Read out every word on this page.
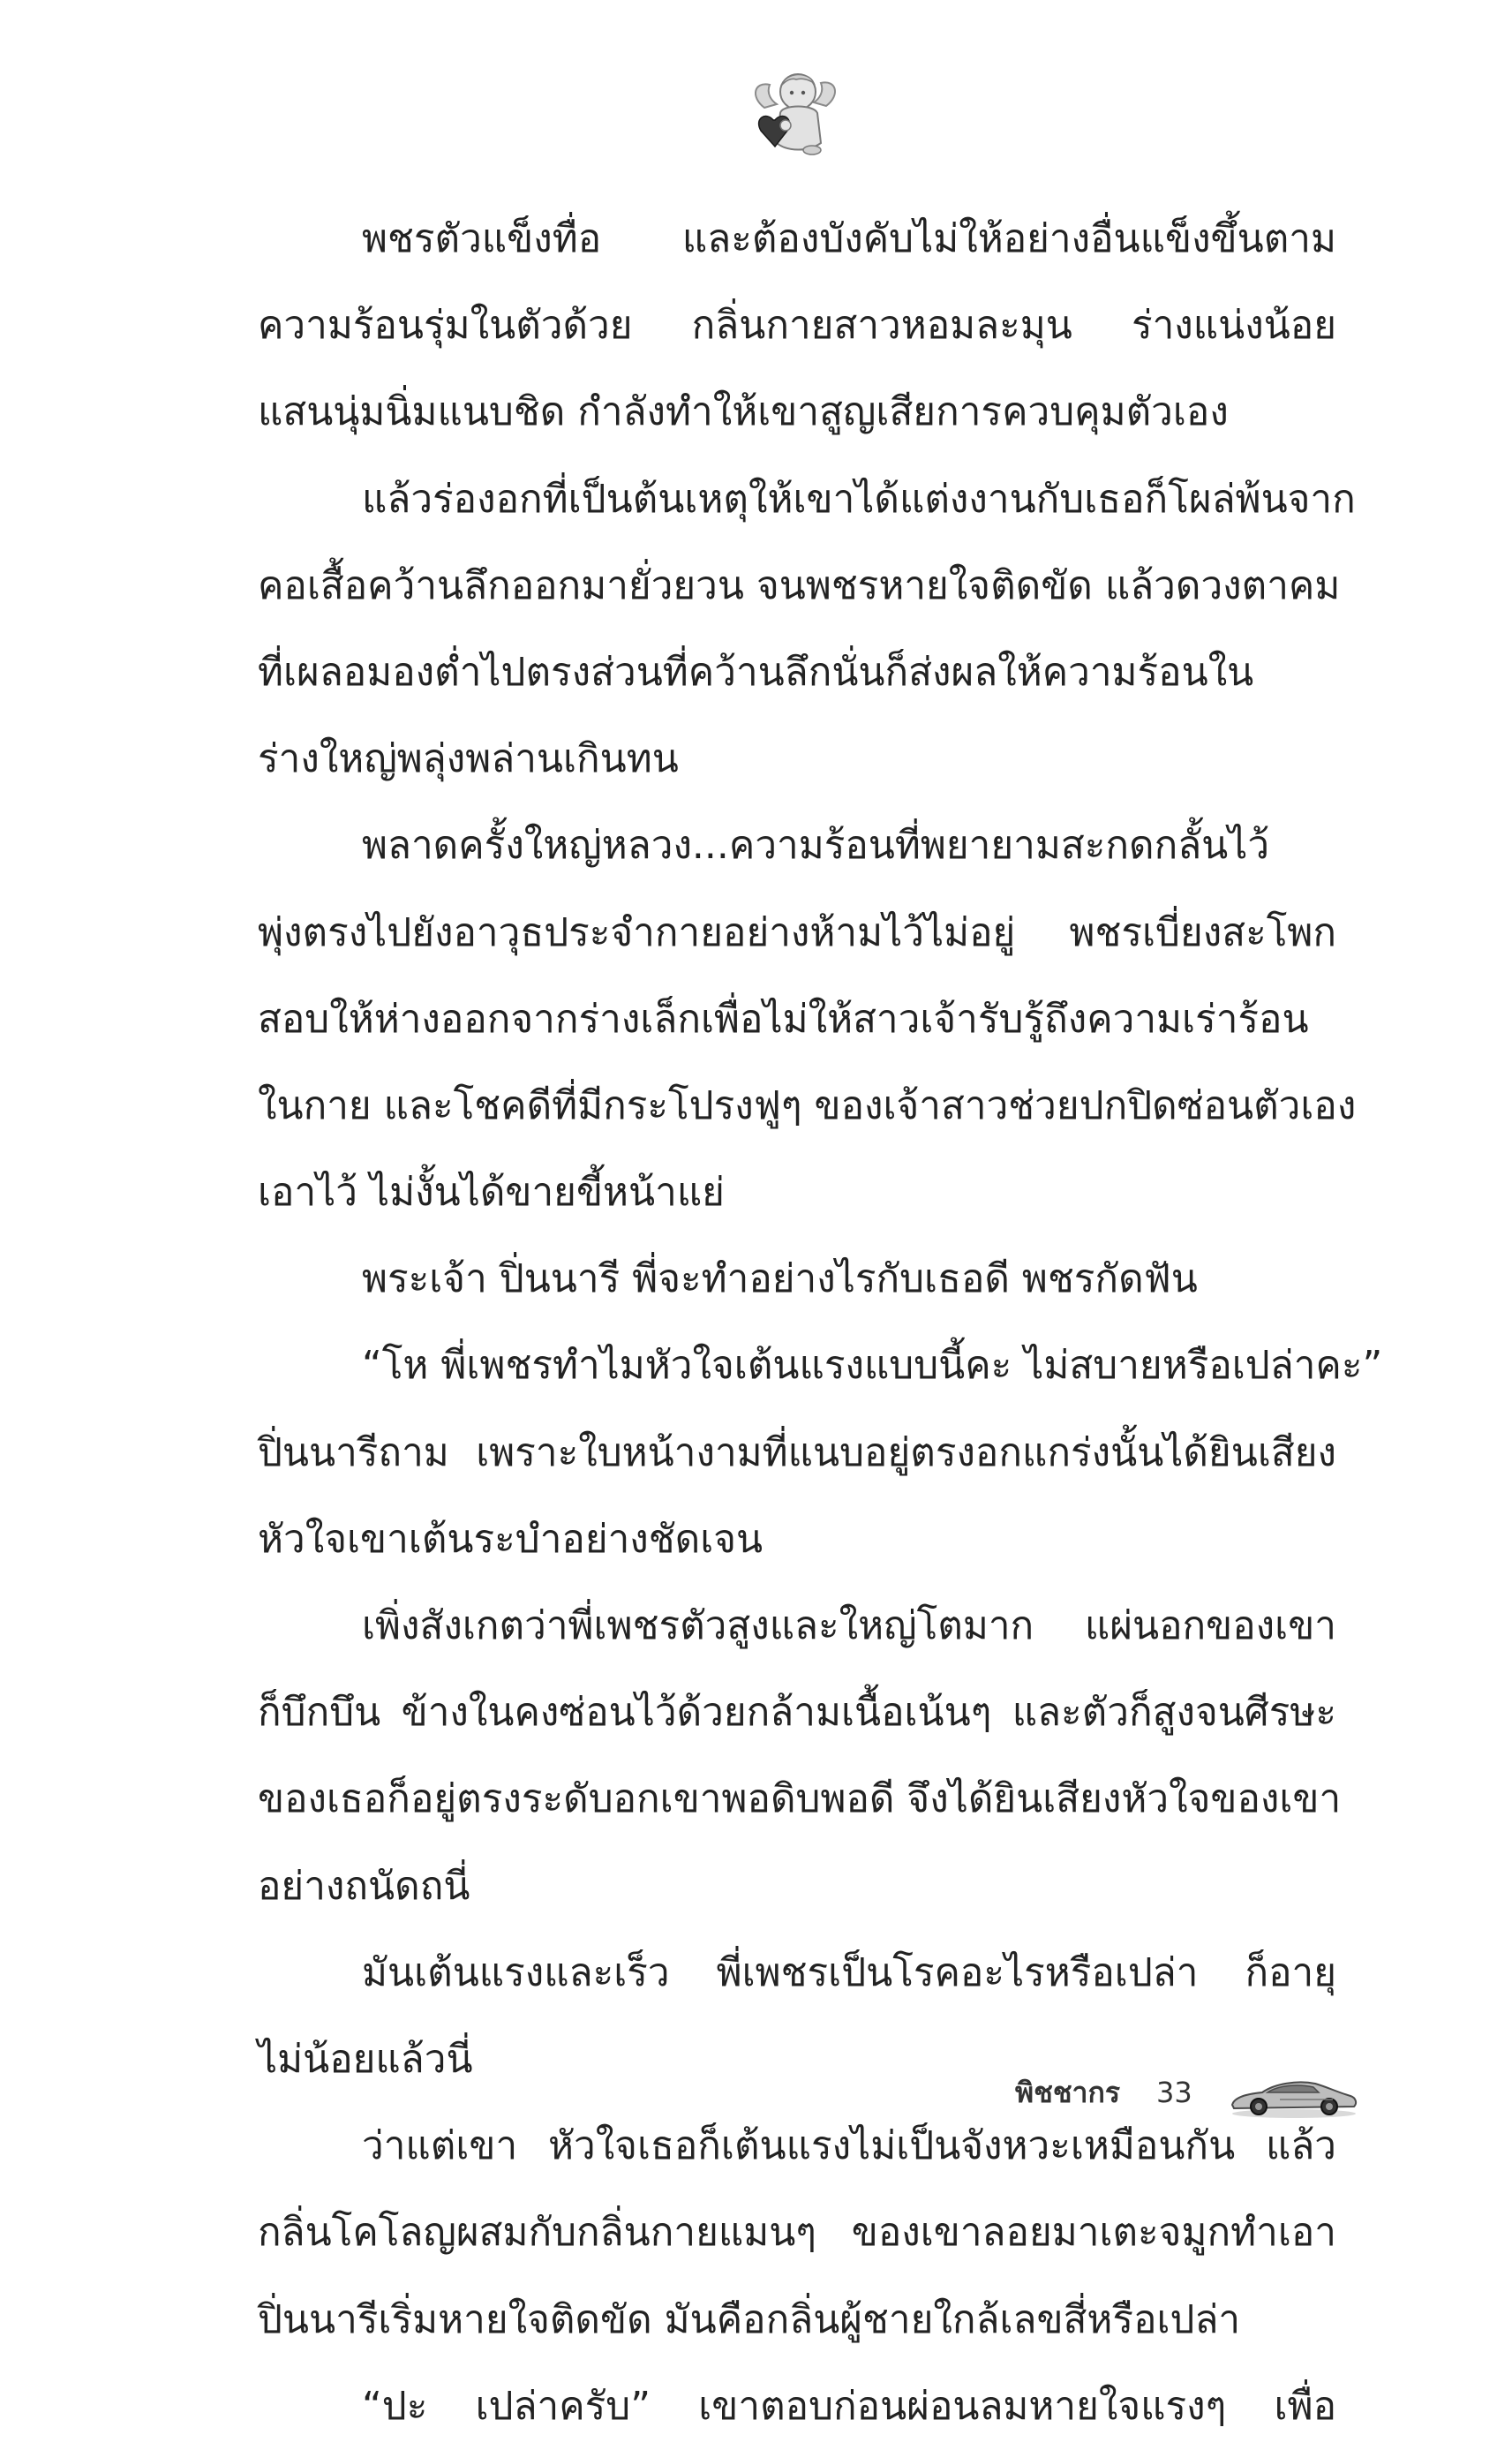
พชรตัวแข็งทื่อ และต้องบังคับไม่ให้อย่างอื่นแข็งขึ้นตาม
ความร้อนรุ่มในตัวด้วย กลิ่นกายสาวหอมละมุน ร่างแน่งน้อย
แสนนุ่มนิ่มแนบชิด กำลังทำให้เขาสูญเสียการควบคุมตัวเอง
แล้วร่องอกที่เป็นต้นเหตุให้เขาได้แต่งงานกับเธอก็โผล่พ้นจาก
คอเสื้อคว้านลึกออกมายั่วยวน จนพชรหายใจติดขัด แล้วดวงตาคม
ที่เผลอมองต่ำไปตรงส่วนที่คว้านลึกนั่นก็ส่งผลให้ความร้อนใน
ร่างใหญ่พลุ่งพล่านเกินทน
พลาดครั้งใหญ่หลวง...ความร้อนที่พยายามสะกดกลั้นไว้
พุ่งตรงไปยังอาวุธประจำกายอย่างห้ามไว้ไม่อยู่ พชรเบี่ยงสะโพก
สอบให้ห่างออกจากร่างเล็กเพื่อไม่ให้สาวเจ้ารับรู้ถึงความเร่าร้อน
ในกาย และโชคดีที่มีกระโปรงฟูๆ ของเจ้าสาวช่วยปกปิดซ่อนตัวเอง
เอาไว้ ไม่งั้นได้ขายขี้หน้าแย่
พระเจ้า ปิ่นนารี พี่จะทำอย่างไรกับเธอดี พชรกัดฟัน
“โห พี่เพชรทำไมหัวใจเต้นแรงแบบนี้คะ ไม่สบายหรือเปล่าคะ”
ปิ่นนารีถาม เพราะใบหน้างามที่แนบอยู่ตรงอกแกร่งนั้นได้ยินเสียง
หัวใจเขาเต้นระบำอย่างชัดเจน
เพิ่งสังเกตว่าพี่เพชรตัวสูงและใหญ่โตมาก แผ่นอกของเขา
ก็บึกบึน ข้างในคงซ่อนไว้ด้วยกล้ามเนื้อเน้นๆ และตัวก็สูงจนศีรษะ
ของเธอก็อยู่ตรงระดับอกเขาพอดิบพอดี จึงได้ยินเสียงหัวใจของเขา
อย่างถนัดถนี่
มันเต้นแรงและเร็ว พี่เพชรเป็นโรคอะไรหรือเปล่า ก็อายุ
ไม่น้อยแล้วนี่
ว่าแต่เขา หัวใจเธอก็เต้นแรงไม่เป็นจังหวะเหมือนกัน แล้ว
กลิ่นโคโลญผสมกับกลิ่นกายแมนๆ ของเขาลอยมาเตะจมูกทำเอา
ปิ่นนารีเริ่มหายใจติดขัด มันคือกลิ่นผู้ชายใกล้เลขสี่หรือเปล่า
“ปะ เปล่าครับ” เขาตอบก่อนผ่อนลมหายใจแรงๆ เพื่อ
พิชชากร 33
